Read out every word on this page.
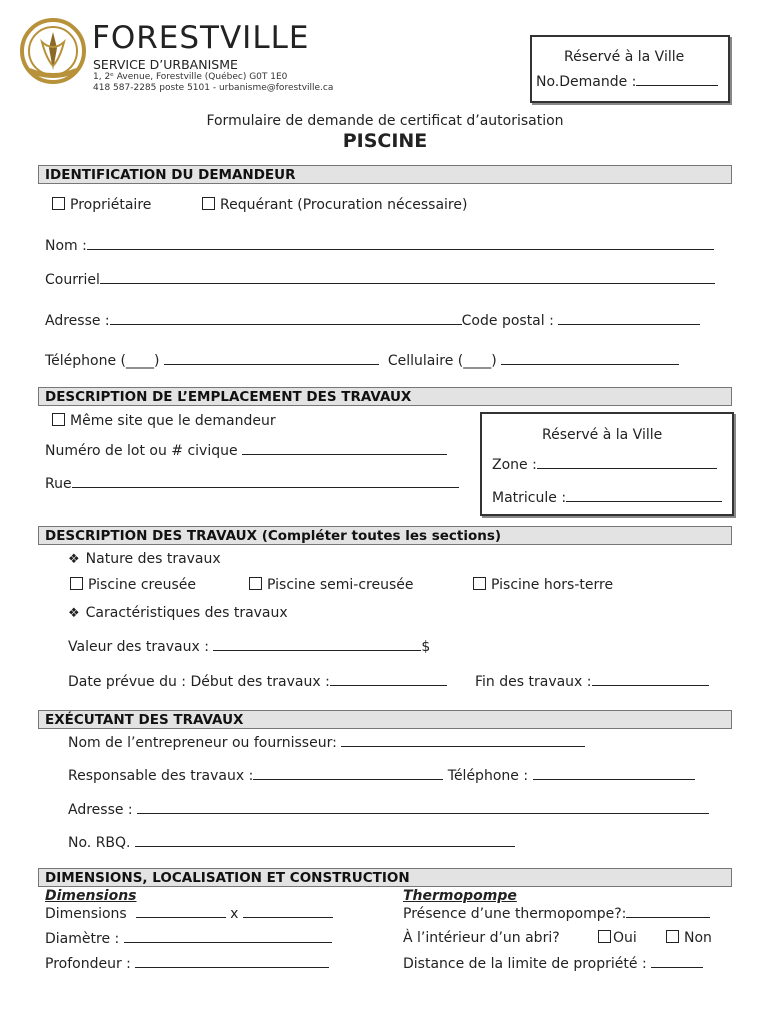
FORESTVILLE
SERVICE D’URBANISME
1, 2ᵉ Avenue, Forestville (Québec) G0T 1E0
418 587-2285 poste 5101 - urbanisme@forestville.ca
Réservé à la Ville
No.Demande :
Formulaire de demande de certificat d’autorisation
PISCINE
IDENTIFICATION DU DEMANDEUR
Propriétaire	Requérant (Procuration nécessaire)
Nom :
Courriel
Adresse :	Code postal :
Téléphone (____)	Cellulaire (____)
DESCRIPTION DE L’EMPLACEMENT DES TRAVAUX
Même site que le demandeur
Numéro de lot ou # civique
Rue
Réservé à la Ville
Zone :
Matricule :
DESCRIPTION DES TRAVAUX (Compléter toutes les sections)
❖ Nature des travaux
Piscine creusée	Piscine semi-creusée	Piscine hors-terre
❖ Caractéristiques des travaux
Valeur des travaux :	$
Date prévue du : Début des travaux :	Fin des travaux :
EXÉCUTANT DES TRAVAUX
Nom de l’entrepreneur ou fournisseur:
Responsable des travaux :	Téléphone :
Adresse :
No. RBQ.
DIMENSIONS, LOCALISATION ET CONSTRUCTION
Dimensions
Dimensions	x
Diamètre :
Profondeur :
Thermopompe
Présence d’une thermopompe?:
À l’intérieur d’un abri?	Oui	Non
Distance de la limite de propriété :
